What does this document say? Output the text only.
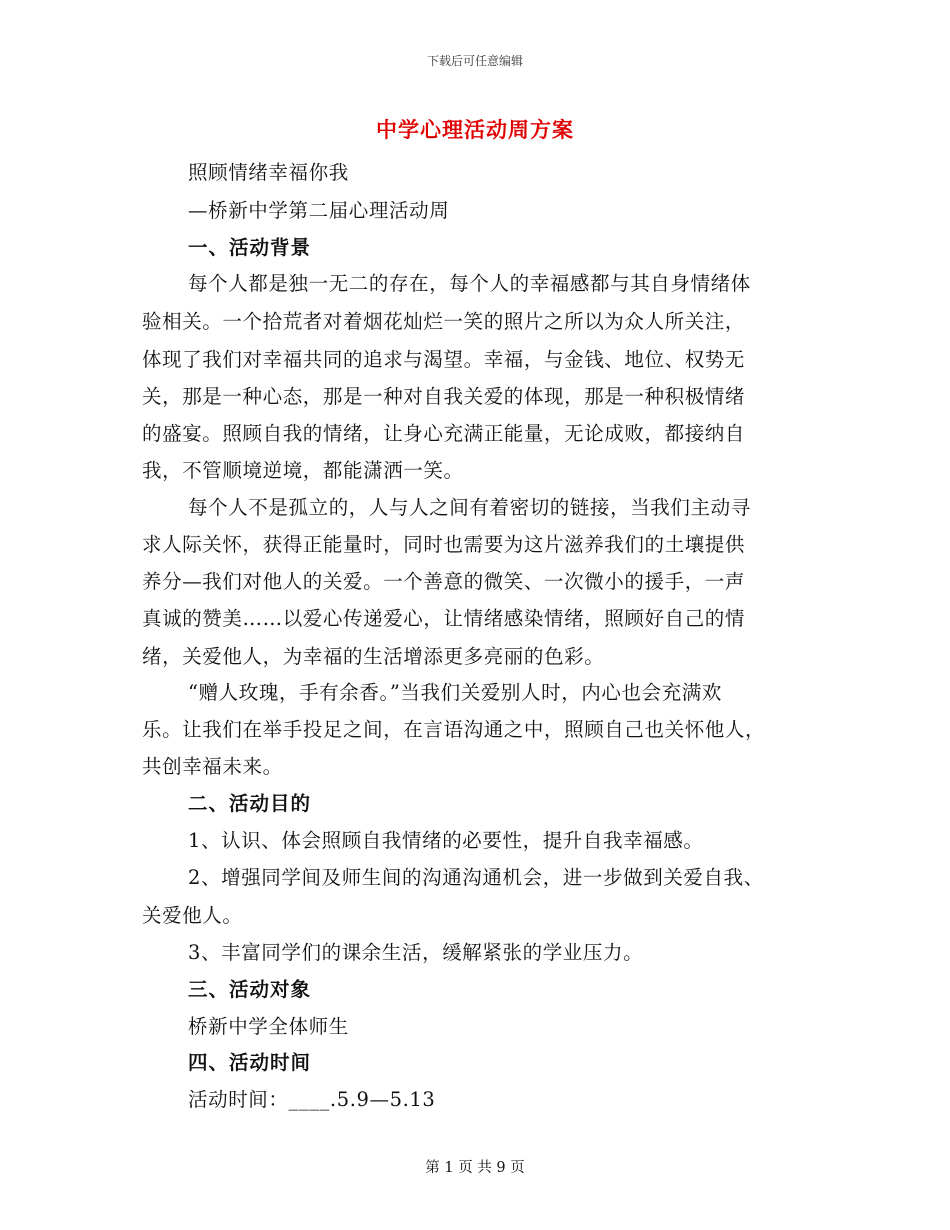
下载后可任意编辑
中学心理活动周方案
照顾情绪幸福你我
—桥新中学第二届心理活动周
一、活动背景
每个人都是独一无二的存在，每个人的幸福感都与其自身情绪体
验相关。一个拾荒者对着烟花灿烂一笑的照片之所以为众人所关注，
体现了我们对幸福共同的追求与渴望。幸福，与金钱、地位、权势无
关，那是一种心态，那是一种对自我关爱的体现，那是一种积极情绪
的盛宴。照顾自我的情绪，让身心充满正能量，无论成败，都接纳自
我，不管顺境逆境，都能潇洒一笑。
每个人不是孤立的，人与人之间有着密切的链接，当我们主动寻
求人际关怀，获得正能量时，同时也需要为这片滋养我们的土壤提供
养分—我们对他人的关爱。一个善意的微笑、一次微小的援手，一声
真诚的赞美……以爱心传递爱心，让情绪感染情绪，照顾好自己的情
绪，关爱他人，为幸福的生活增添更多亮丽的色彩。
“赠人玫瑰，手有余香。”当我们关爱别人时，内心也会充满欢
乐。让我们在举手投足之间，在言语沟通之中，照顾自己也关怀他人，
共创幸福未来。
二、活动目的
1、认识、体会照顾自我情绪的必要性，提升自我幸福感。
2、增强同学间及师生间的沟通沟通机会，进一步做到关爱自我、
关爱他人。
3、丰富同学们的课余生活，缓解紧张的学业压力。
三、活动对象
桥新中学全体师生
四、活动时间
活动时间：____.5.9—5.13
第 1 页 共 9 页
